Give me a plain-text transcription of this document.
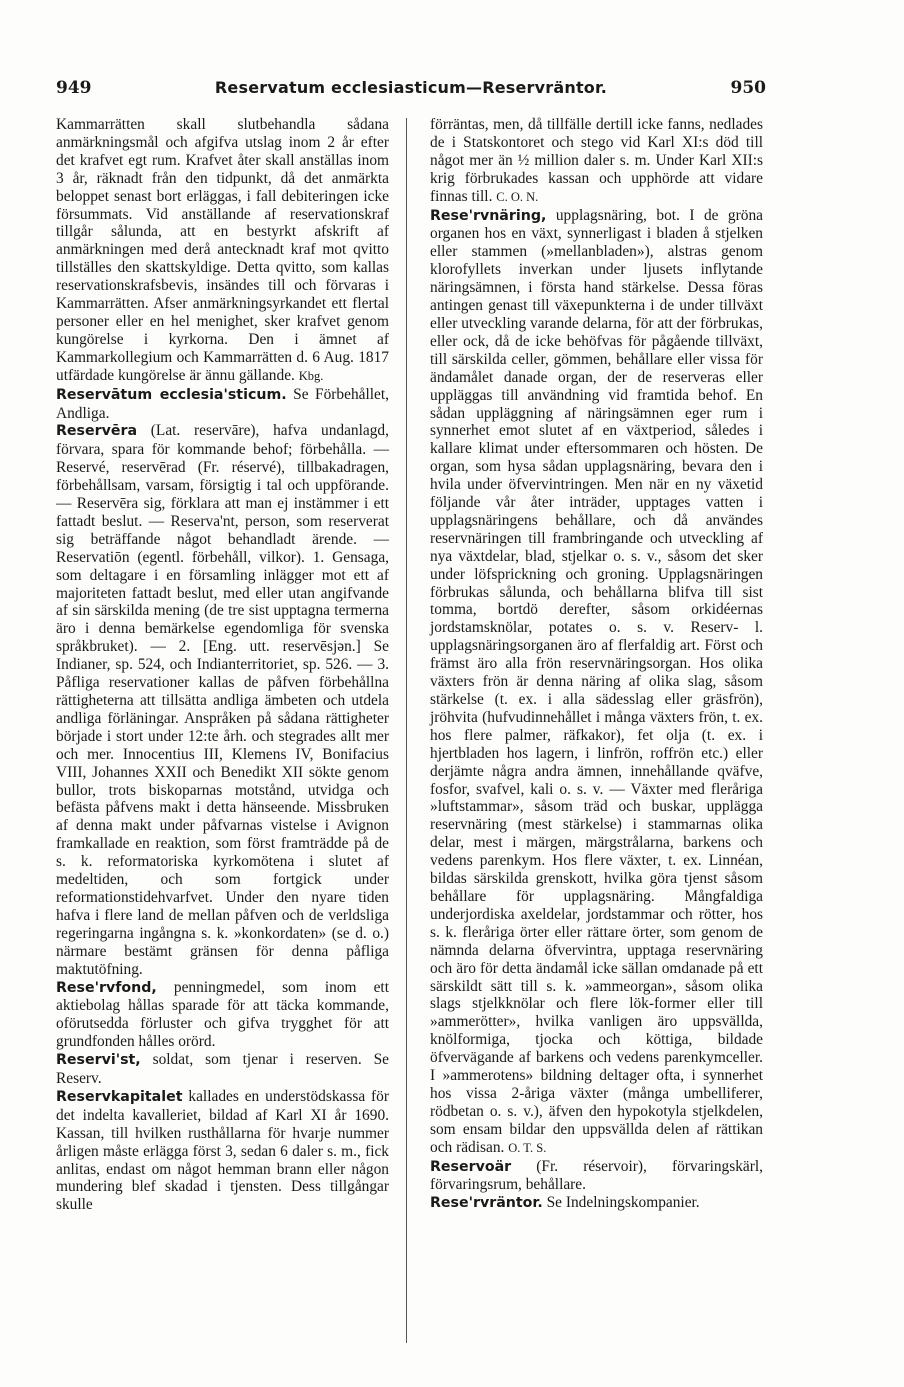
949	Reservatum ecclesiasticum—Reservräntor.	950

Kammarrätten skall slutbehandla sådana anmärkningsmål och afgifva utslag inom 2 år efter det krafvet egt rum. Krafvet åter skall anställas inom 3 år, räknadt från den tidpunkt, då det anmärkta beloppet senast bort erläggas, i fall debiteringen icke försummats. Vid anställande af reservationskraf tillgår sålunda, att en bestyrkt afskrift af anmärkningen med derå antecknadt kraf mot qvitto tillställes den skattskyldige. Detta qvitto, som kallas reservationskrafsbevis, insändes till och förvaras i Kammarrätten. Afser anmärkningsyrkandet ett flertal personer eller en hel menighet, sker krafvet genom kungörelse i kyrkorna. Den i ämnet af Kammarkollegium och Kammarrätten d. 6 Aug. 1817 utfärdade kungörelse är ännu gällande. Kbg.

Reservātum ecclesia'sticum. Se Förbehållet, Andliga.

Reservēra (Lat. reservāre), hafva undanlagd, förvara, spara för kommande behof; förbehålla. — Reservé, reservērad (Fr. réservé), tillbakadragen, förbehållsam, varsam, försigtig i tal och uppförande. — Reservēra sig, förklara att man ej instämmer i ett fattadt beslut. — Reserva'nt, person, som reserverat sig beträffande något behandladt ärende. — Reservatiōn (egentl. förbehåll, vilkor). 1. Gensaga, som deltagare i en församling inlägger mot ett af majoriteten fattadt beslut, med eller utan angifvande af sin särskilda mening (de tre sist upptagna termerna äro i denna bemärkelse egendomliga för svenska språkbruket). — 2. [Eng. utt. reservēsjən.] Se Indianer, sp. 524, och Indianterritoriet, sp. 526. — 3. Påfliga reservationer kallas de påfven förbehållna rättigheterna att tillsätta andliga ämbeten och utdela andliga förläningar. Anspråken på sådana rättigheter började i stort under 12:te årh. och stegrades allt mer och mer. Innocentius III, Klemens IV, Bonifacius VIII, Johannes XXII och Benedikt XII sökte genom bullor, trots biskoparnas motstånd, utvidga och befästa påfvens makt i detta hänseende. Missbruken af denna makt under påfvarnas vistelse i Avignon framkallade en reaktion, som först framträdde på de s. k. reformatoriska kyrkomötena i slutet af medeltiden, och som fortgick under reformationstidehvarfvet. Under den nyare tiden hafva i flere land de mellan påfven och de verldsliga regeringarna ingångna s. k. »konkordaten» (se d. o.) närmare bestämt gränsen för denna påfliga maktutöfning.

Rese'rvfond, penningmedel, som inom ett aktiebolag hållas sparade för att täcka kommande, oförutsedda förluster och gifva trygghet för att grundfonden hålles orörd.

Reservi'st, soldat, som tjenar i reserven. Se Reserv.

Reservkapitalet kallades en understödskassa för det indelta kavalleriet, bildad af Karl XI år 1690. Kassan, till hvilken rusthållarna för hvarje nummer årligen måste erlägga först 3, sedan 6 daler s. m., fick anlitas, endast om något hemman brann eller någon mundering blef skadad i tjensten. Dess tillgångar skulle

förräntas, men, då tillfälle dertill icke fanns, nedlades de i Statskontoret och stego vid Karl XI:s död till något mer än ½ million daler s. m. Under Karl XII:s krig förbrukades kassan och upphörde att vidare finnas till. C. O. N.

Rese'rvnäring, upplagsnäring, bot. I de gröna organen hos en växt, synnerligast i bladen å stjelken eller stammen (»mellanbladen»), alstras genom klorofyllets inverkan under ljusets inflytande näringsämnen, i första hand stärkelse. Dessa föras antingen genast till växepunkterna i de under tillväxt eller utveckling varande delarna, för att der förbrukas, eller ock, då de icke behöfvas för pågående tillväxt, till särskilda celler, gömmen, behållare eller vissa för ändamålet danade organ, der de reserveras eller uppläggas till användning vid framtida behof. En sådan uppläggning af näringsämnen eger rum i synnerhet emot slutet af en växtperiod, således i kallare klimat under eftersommaren och hösten. De organ, som hysa sådan upplagsnäring, bevara den i hvila under öfvervintringen. Men när en ny växetid följande vår åter inträder, upptages vatten i upplagsnäringens behållare, och då användes reservnäringen till frambringande och utveckling af nya växtdelar, blad, stjelkar o. s. v., såsom det sker under löfsprickning och groning. Upplagsnäringen förbrukas sålunda, och behållarna blifva till sist tomma, bortdö derefter, såsom orkidéernas jordstamsknölar, potates o. s. v. Reserv- l. upplagsnäringsorganen äro af flerfaldig art. Först och främst äro alla frön reservnäringsorgan. Hos olika växters frön är denna näring af olika slag, såsom stärkelse (t. ex. i alla sädesslag eller gräsfrön), jröhvita (hufvudinnehållet i många växters frön, t. ex. hos flere palmer, räfkakor), fet olja (t. ex. i hjertbladen hos lagern, i linfrön, roffrön etc.) eller derjämte några andra ämnen, innehållande qväfve, fosfor, svafvel, kali o. s. v. — Växter med fleråriga »luftstammar», såsom träd och buskar, upplägga reservnäring (mest stärkelse) i stammarnas olika delar, mest i märgen, märgstrålarna, barkens och vedens parenkym. Hos flere växter, t. ex. Linnéan, bildas särskilda grenskott, hvilka göra tjenst såsom behållare för upplagsnäring. Mångfaldiga underjordiska axeldelar, jordstammar och rötter, hos s. k. fleråriga örter eller rättare örter, som genom de nämnda delarna öfvervintra, upptaga reservnäring och äro för detta ändamål icke sällan omdanade på ett särskildt sätt till s. k. »ammeorgan», såsom olika slags stjelkknölar och flere lök-former eller till »ammerötter», hvilka vanligen äro uppsvällda, knölformiga, tjocka och köttiga, bildade öfvervägande af barkens och vedens parenkymceller. I »ammerotens» bildning deltager ofta, i synnerhet hos vissa 2-åriga växter (många umbelliferer, rödbetan o. s. v.), äfven den hypokotyla stjelkdelen, som ensam bildar den uppsvällda delen af rättikan och rädisan. O. T. S.

Reservoär (Fr. réservoir), förvaringskärl, förvaringsrum, behållare.

Rese'rvräntor. Se Indelningskompanier.
